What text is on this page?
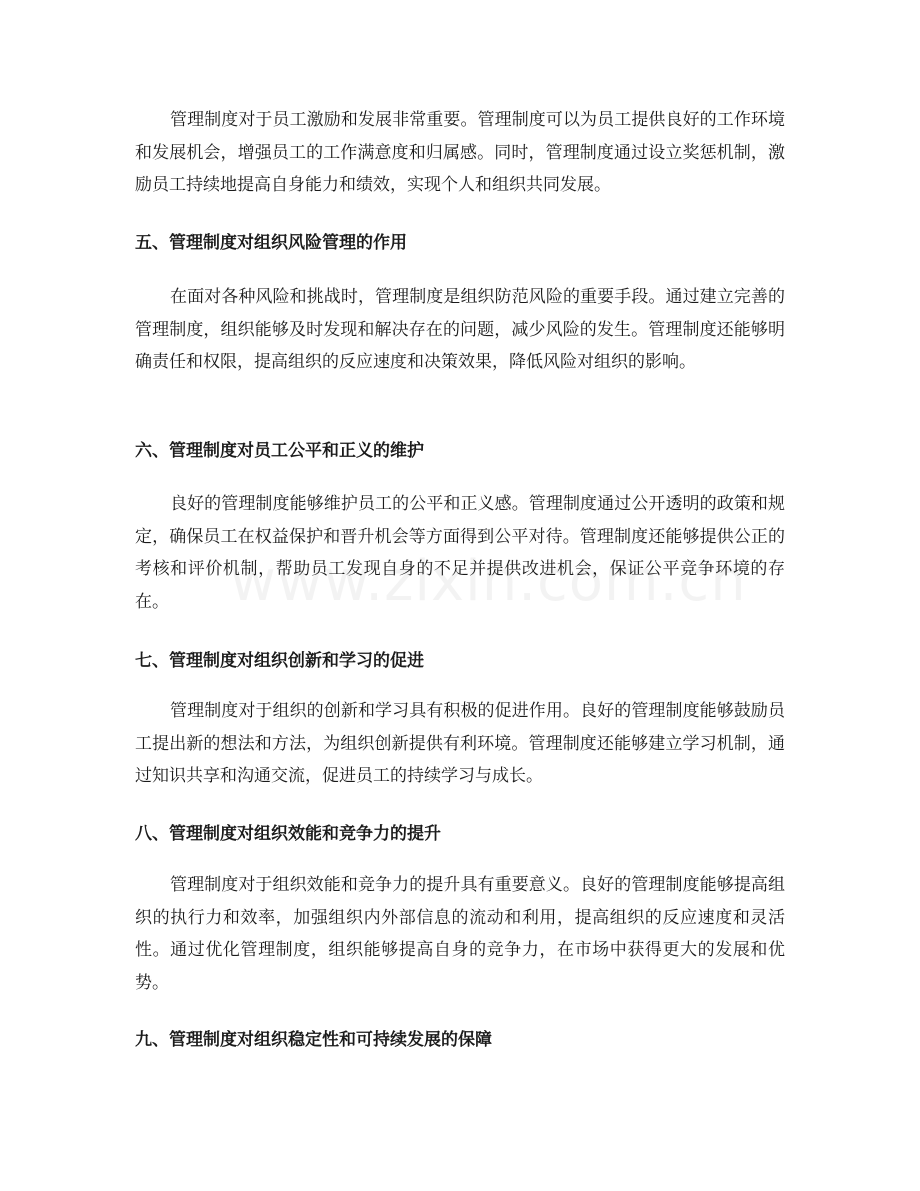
管理制度对于员工激励和发展非常重要。管理制度可以为员工提供良好的工作环境和发展机会，增强员工的工作满意度和归属感。同时，管理制度通过设立奖惩机制，激励员工持续地提高自身能力和绩效，实现个人和组织共同发展。

五、管理制度对组织风险管理的作用

在面对各种风险和挑战时，管理制度是组织防范风险的重要手段。通过建立完善的管理制度，组织能够及时发现和解决存在的问题，减少风险的发生。管理制度还能够明确责任和权限，提高组织的反应速度和决策效果，降低风险对组织的影响。

六、管理制度对员工公平和正义的维护

良好的管理制度能够维护员工的公平和正义感。管理制度通过公开透明的政策和规定，确保员工在权益保护和晋升机会等方面得到公平对待。管理制度还能够提供公正的考核和评价机制，帮助员工发现自身的不足并提供改进机会，保证公平竞争环境的存在。

七、管理制度对组织创新和学习的促进

管理制度对于组织的创新和学习具有积极的促进作用。良好的管理制度能够鼓励员工提出新的想法和方法，为组织创新提供有利环境。管理制度还能够建立学习机制，通过知识共享和沟通交流，促进员工的持续学习与成长。

八、管理制度对组织效能和竞争力的提升

管理制度对于组织效能和竞争力的提升具有重要意义。良好的管理制度能够提高组织的执行力和效率，加强组织内外部信息的流动和利用，提高组织的反应速度和灵活性。通过优化管理制度，组织能够提高自身的竞争力，在市场中获得更大的发展和优势。

九、管理制度对组织稳定性和可持续发展的保障
